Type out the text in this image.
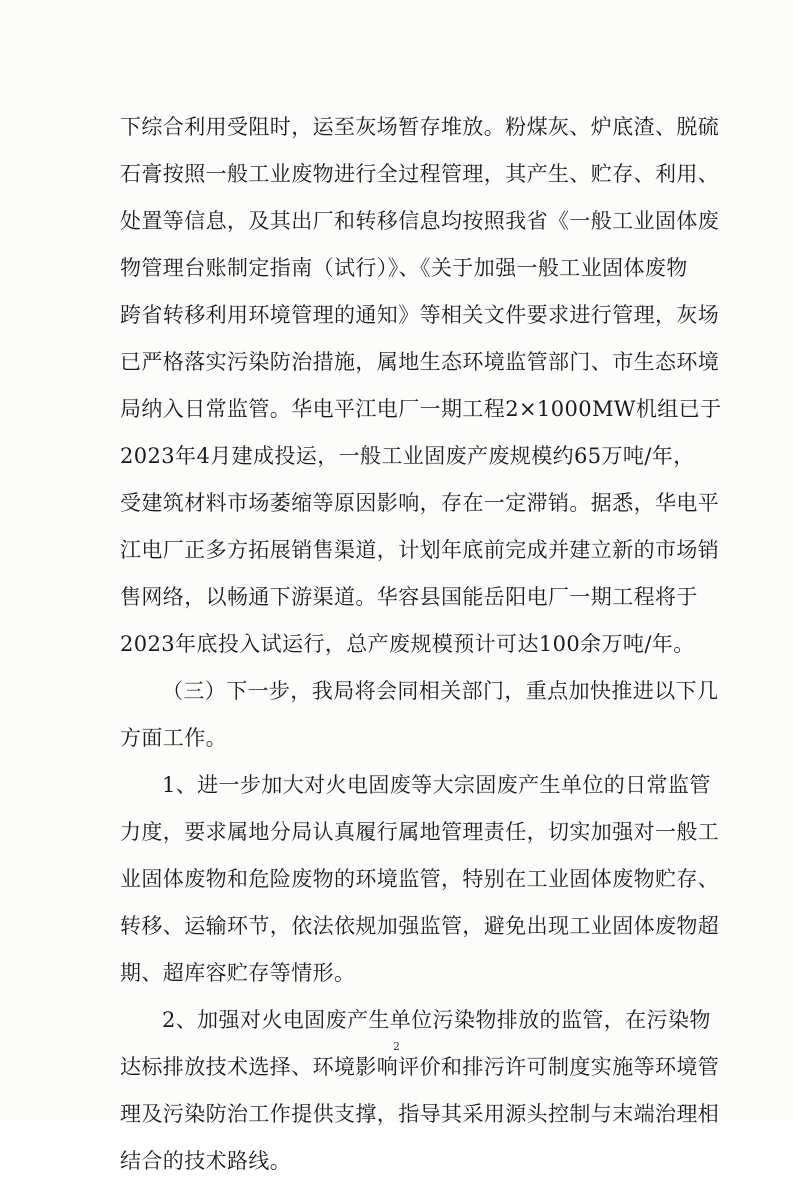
下综合利用受阻时，运至灰场暂存堆放。粉煤灰、炉底渣、脱硫
石膏按照一般工业废物进行全过程管理，其产生、贮存、利用、
处置等信息，及其出厂和转移信息均按照我省《一般工业固体废
物管理台账制定指南（试行）》、《关于加强一般工业固体废物
跨省转移利用环境管理的通知》等相关文件要求进行管理，灰场
已严格落实污染防治措施，属地生态环境监管部门、市生态环境
局纳入日常监管。华电平江电厂一期工程2×1000MW机组已于
2023年4月建成投运，一般工业固废产废规模约65万吨/年，
受建筑材料市场萎缩等原因影响，存在一定滞销。据悉，华电平
江电厂正多方拓展销售渠道，计划年底前完成并建立新的市场销
售网络，以畅通下游渠道。华容县国能岳阳电厂一期工程将于
2023年底投入试运行，总产废规模预计可达100余万吨/年。
（三）下一步，我局将会同相关部门，重点加快推进以下几
方面工作。
1、进一步加大对火电固废等大宗固废产生单位的日常监管
力度，要求属地分局认真履行属地管理责任，切实加强对一般工
业固体废物和危险废物的环境监管，特别在工业固体废物贮存、
转移、运输环节，依法依规加强监管，避免出现工业固体废物超
期、超库容贮存等情形。
2、加强对火电固废产生单位污染物排放的监管，在污染物
达标排放技术选择、环境影响评价和排污许可制度实施等环境管
理及污染防治工作提供支撑，指导其采用源头控制与末端治理相
结合的技术路线。
2
